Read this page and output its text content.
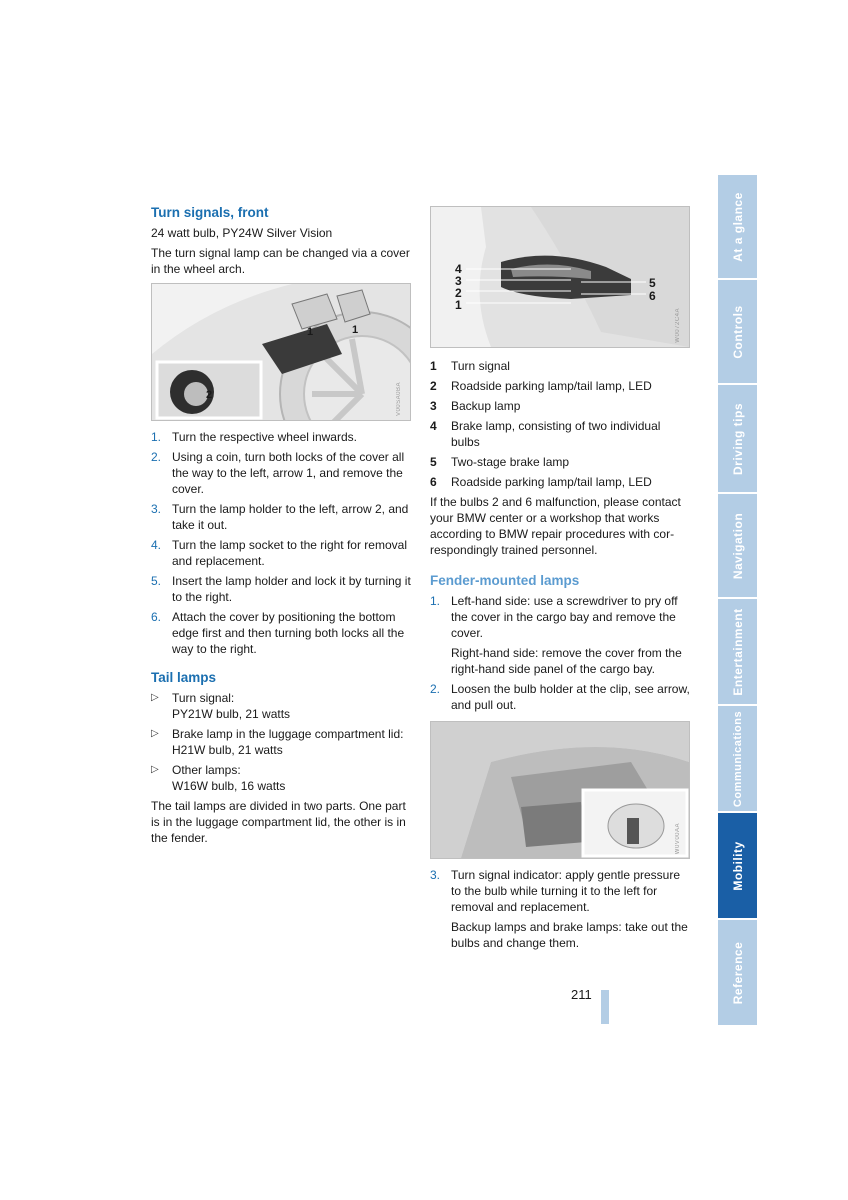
Turn signals, front

24 watt bulb, PY24W Silver Vision

The turn signal lamp can be changed via a cover in the wheel arch.

V00SA0BA
1	1
2
1. Turn the respective wheel inwards.
2. Using a coin, turn both locks of the cover all the way to the left, arrow 1, and remove the cover.
3. Turn the lamp holder to the left, arrow 2, and take it out.
4. Turn the lamp socket to the right for removal and replacement.
5. Insert the lamp holder and lock it by turning it to the right.
6. Attach the cover by positioning the bottom edge first and then turning both locks all the way to the right.
Tail lamps
▷ Turn signal:
PY21W bulb, 21 watts
▷ Brake lamp in the luggage compartment lid:
H21W bulb, 21 watts
▷ Other lamps:
W16W bulb, 16 watts

The tail lamps are divided in two parts. One part is in the luggage compartment lid, the other is in the fender.

4
3
2
1
5
6
W0072C4A
1 Turn signal
2 Roadside parking lamp/tail lamp, LED
3 Backup lamp
4 Brake lamp, consisting of two individual bulbs
5 Two-stage brake lamp
6 Roadside parking lamp/tail lamp, LED

If the bulbs 2 and 6 malfunction, please contact your BMW center or a workshop that works according to BMW repair procedures with cor-respondingly trained personnel.

Fender-mounted lamps
1. Left-hand side: use a screwdriver to pry off the cover in the cargo bay and remove the cover.
Right-hand side: remove the cover from the right-hand side panel of the cargo bay.
2. Loosen the bulb holder at the clip, see arrow, and pull out.
W0V00AA
3. Turn signal indicator: apply gentle pressure to the bulb while turning it to the left for removal and replacement.
Backup lamps and brake lamps: take out the bulbs and change them.
At a glance
Controls
Driving tips
Navigation
Entertainment
Communications
Mobility
Reference
211
